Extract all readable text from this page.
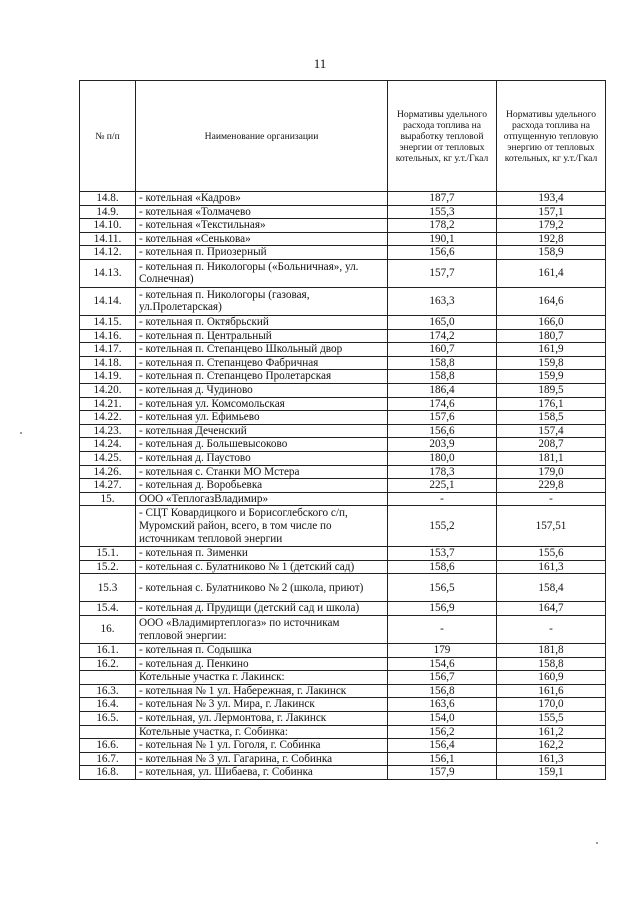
11
№ п/п	Наименование организации	Нормативы удельного расхода топлива на выработку тепловой энергии от тепловых котельных, кг у.т./Гкал	Нормативы удельного расхода топлива на отпущенную тепловую энергию от тепловых котельных, кг у.т./Гкал
14.8.	- котельная «Кадров»	187,7	193,4
14.9.	- котельная «Толмачево	155,3	157,1
14.10.	- котельная «Текстильная»	178,2	179,2
14.11.	- котельная «Сенькова»	190,1	192,8
14.12.	- котельная п. Приозерный	156,6	158,9
14.13.	- котельная п. Никологоры («Больничная», ул. Солнечная)	157,7	161,4
14.14.	- котельная п. Никологоры (газовая, ул.Пролетарская)	163,3	164,6
14.15.	- котельная п. Октябрьский	165,0	166,0
14.16.	- котельная п. Центральный	174,2	180,7
14.17.	- котельная п. Степанцево Школьный двор	160,7	161,9
14.18.	- котельная п. Степанцево Фабричная	158,8	159,8
14.19.	- котельная п. Степанцево Пролетарская	158,8	159,9
14.20.	- котельная д. Чудиново	186,4	189,5
14.21.	- котельная ул. Комсомольская	174,6	176,1
14.22.	- котельная ул. Ефимьево	157,6	158,5
14.23.	- котельная Деченский	156,6	157,4
14.24.	- котельная д. Большевысоково	203,9	208,7
14.25.	- котельная д. Паустово	180,0	181,1
14.26.	- котельная с. Станки МО Мстера	178,3	179,0
14.27.	- котельная д. Воробьевка	225,1	229,8
15.	ООО «ТеплогазВладимир»	-	-
	- СЦТ Ковардицкого и Борисоглебского с/п, Муромский район, всего, в том числе по источникам тепловой энергии	155,2	157,51
15.1.	- котельная п. Зименки	153,7	155,6
15.2.	- котельная с. Булатниково № 1 (детский сад)	158,6	161,3
15.3	- котельная с. Булатниково № 2 (школа, приют)	156,5	158,4
15.4.	- котельная д. Прудищи (детский сад и школа)	156,9	164,7
16.	ООО «Владимиртеплогаз» по источникам тепловой энергии:	-	-
16.1.	- котельная п. Содышка	179	181,8
16.2.	- котельная д. Пенкино	154,6	158,8
	Котельные участка г. Лакинск:	156,7	160,9
16.3.	- котельная № 1 ул. Набережная, г. Лакинск	156,8	161,6
16.4.	- котельная № 3 ул. Мира, г. Лакинск	163,6	170,0
16.5.	- котельная, ул. Лермонтова, г. Лакинск	154,0	155,5
	Котельные участка, г. Собинка:	156,2	161,2
16.6.	- котельная № 1 ул. Гоголя, г. Собинка	156,4	162,2
16.7.	- котельная № 3 ул. Гагарина, г. Собинка	156,1	161,3
16.8.	- котельная, ул. Шибаева, г. Собинка	157,9	159,1
